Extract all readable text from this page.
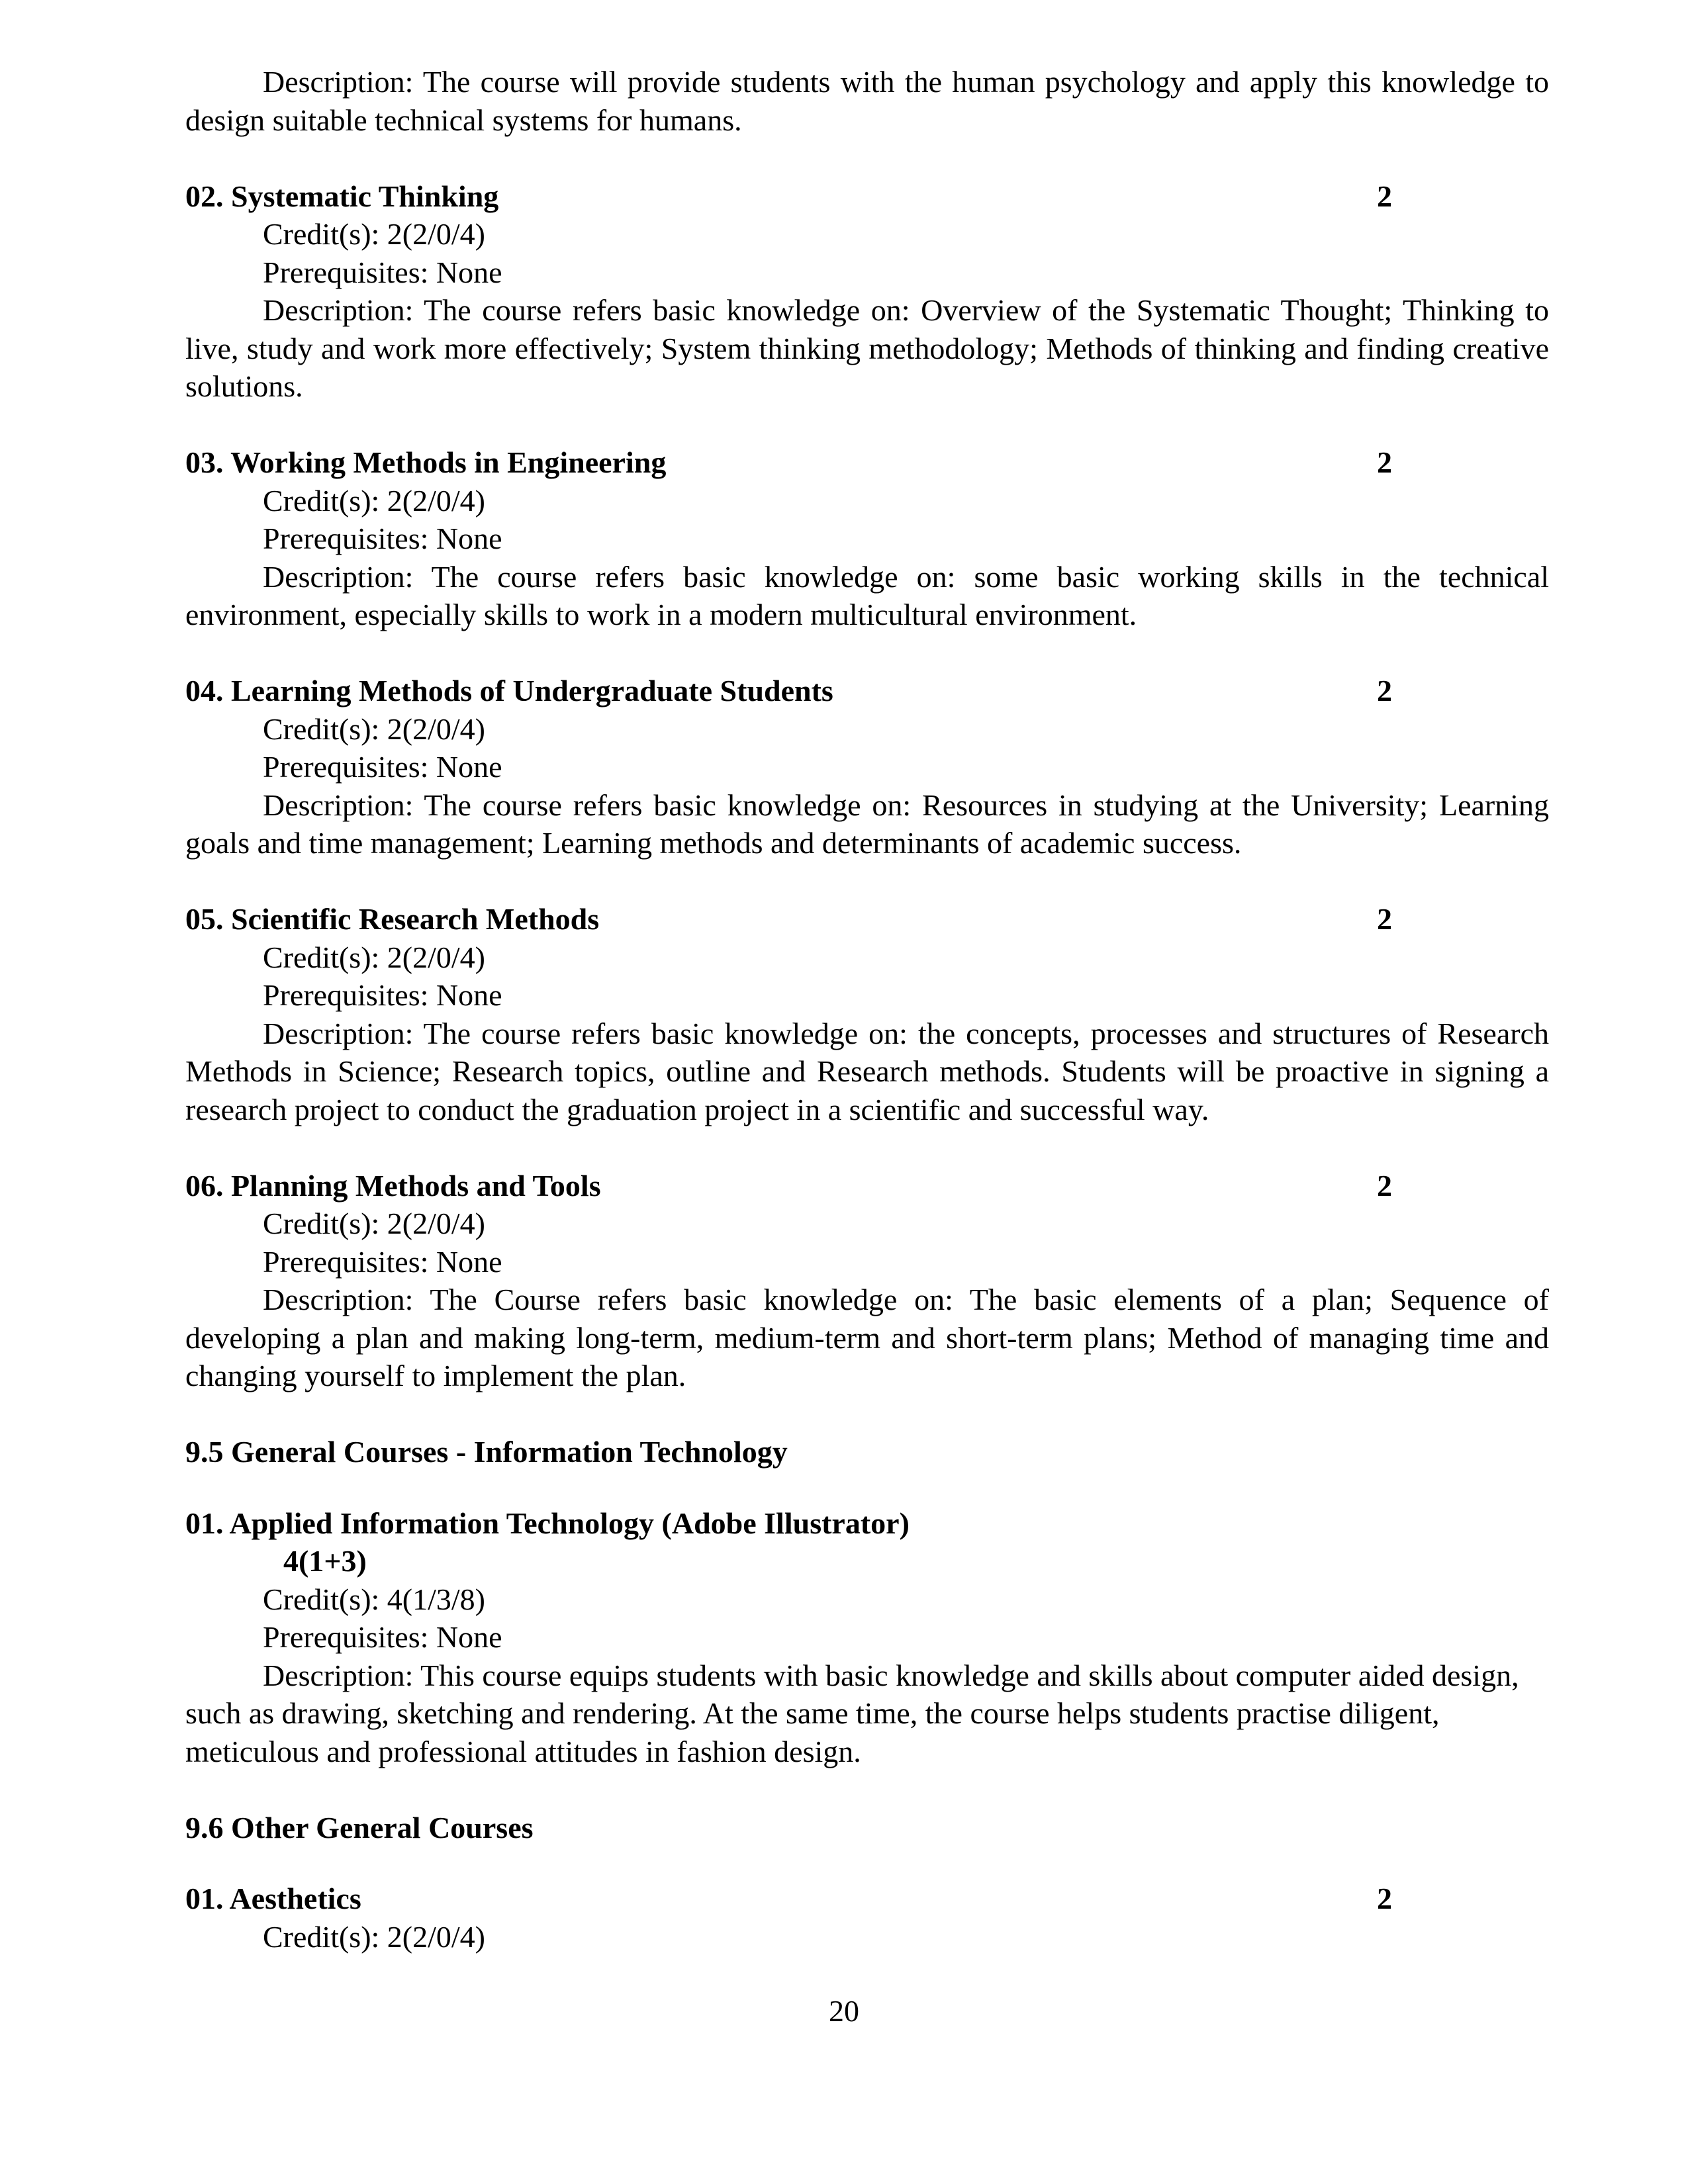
Description: The course will provide students with the human psychology and apply this knowledge to design suitable technical systems for humans.
02. Systematic Thinking	2
Credit(s): 2(2/0/4)
Prerequisites: None
Description: The course refers basic knowledge on: Overview of the Systematic Thought; Thinking to live, study and work more effectively; System thinking methodology; Methods of thinking and finding creative solutions.
03. Working Methods in Engineering	2
Credit(s): 2(2/0/4)
Prerequisites: None
Description: The course refers basic knowledge on: some basic working skills in the technical environment, especially skills to work in a modern multicultural environment.
04. Learning Methods of Undergraduate Students	2
Credit(s): 2(2/0/4)
Prerequisites: None
Description: The course refers basic knowledge on: Resources in studying at the University; Learning goals and time management; Learning methods and determinants of academic success.
05. Scientific Research Methods	2
Credit(s): 2(2/0/4)
Prerequisites: None
Description: The course refers basic knowledge on: the concepts, processes and structures of Research Methods in Science; Research topics, outline and Research methods. Students will be proactive in signing a research project to conduct the graduation project in a scientific and successful way.
06. Planning Methods and Tools	2
Credit(s): 2(2/0/4)
Prerequisites: None
Description: The Course refers basic knowledge on: The basic elements of a plan; Sequence of developing a plan and making long-term, medium-term and short-term plans; Method of managing time and changing yourself to implement the plan.
9.5 General Courses - Information Technology
01. Applied Information Technology (Adobe Illustrator)
4(1+3)
Credit(s): 4(1/3/8)
Prerequisites: None
Description: This course equips students with basic knowledge and skills about computer aided design, such as drawing, sketching and rendering. At the same time, the course helps students practise diligent, meticulous and professional attitudes in fashion design.
9.6 Other General Courses
01. Aesthetics	2
Credit(s): 2(2/0/4)
20
